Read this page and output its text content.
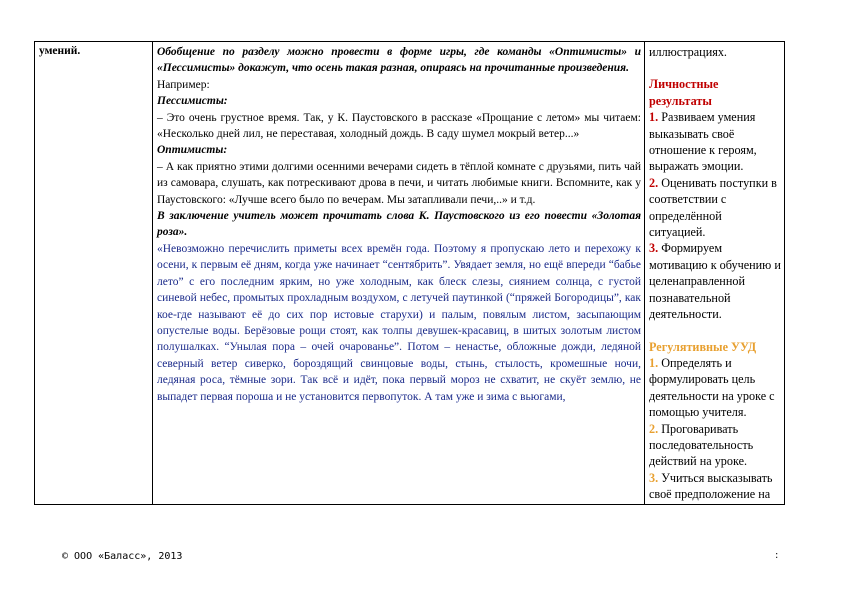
умений.	Обобщение по разделу можно провести в форме игры, где команды «Оптимисты» и «Пессимисты» докажут, что осень такая разная, опираясь на прочитанные произведения.

Например:

Пессимисты:

– Это очень грустное время. Так, у К. Паустовского в рассказе «Прощание с летом» мы читаем: «Несколько дней лил, не переставая, холодный дождь. В саду шумел мокрый ветер...»

Оптимисты:

– А как приятно этими долгими осенними вечерами сидеть в тёплой комнате с друзьями, пить чай из самовара, слушать, как потрескивают дрова в печи, и читать любимые книги. Вспомните, как у Паустовского: «Лучше всего было по вечерам. Мы затапливали печи,..» и т.д.

В заключение учитель может прочитать слова К. Паустовского из его повести «Золотая роза».

«Невозможно перечислить приметы всех времён года. Поэтому я пропускаю лето и перехожу к осени, к первым её дням, когда уже начинает “сентябрить”. Увядает земля, но ещё впереди “бабье лето” с его последним ярким, но уже холодным, как блеск слезы, сиянием солнца, с густой синевой небес, промытых прохладным воздухом, с летучей паутинкой (“пряжей Богородицы”, как кое-где называют её до сих пор истовые старухи) и палым, повялым листом, засыпающим опустелые воды. Берёзовые рощи стоят, как толпы девушек-красавиц, в шитых золотым листом полушалках. “Унылая пора – очей очарованье”. Потом – ненастье, обложные дожди, ледяной северный ветер сиверко, бороздящий свинцовые воды, стынь, стылость, кромешные ночи, ледяная роса, тёмные зори. Так всё и идёт, пока первый мороз не схватит, не скуёт землю, не выпадет первая пороша и не установится первопуток. А там уже и зима с вьюгами,

иллюстрациях.

Личностные результаты

1. Развиваем умения выказывать своё отношение к героям, выражать эмоции.

2. Оценивать поступки в соответствии с определённой ситуацией.

3. Формируем мотивацию к обучению и целенаправленной познавательной деятельности.

Регулятивные УУД

1. Определять и формулировать цель деятельности на уроке с помощью учителя.

2. Проговаривать последовательность действий на уроке.

3. Учиться высказывать своё предположение на

© ООО «Баласс», 2013	:
